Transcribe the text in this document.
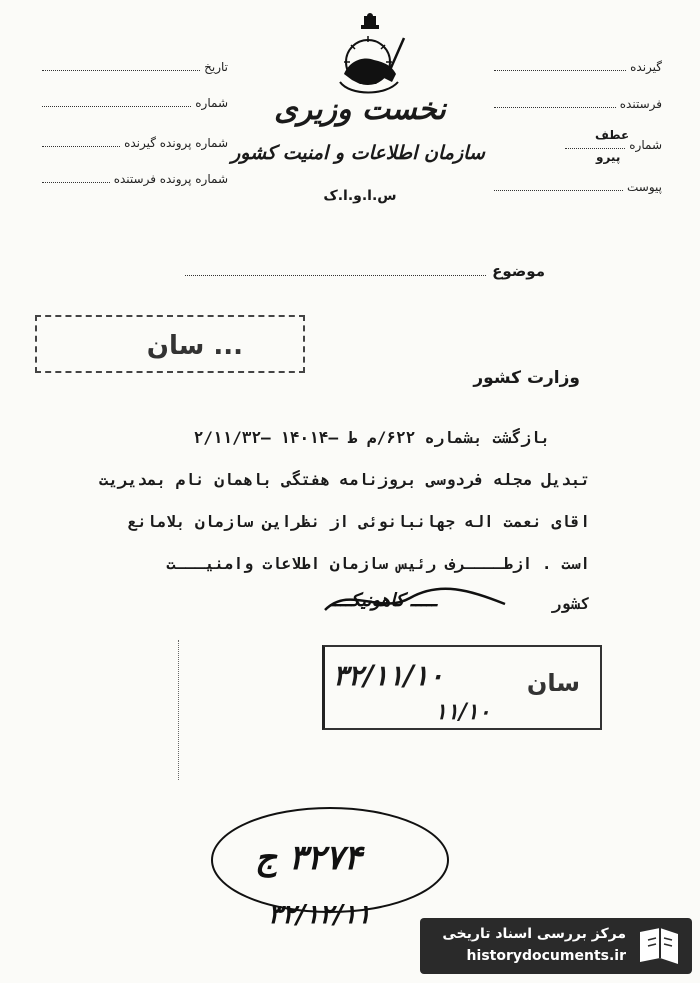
تاریخ
شماره
شماره پرونده گیرنده
شماره پرونده فرستنده
گیرنده
فرستنده
شماره
عطف
پیرو
پیوست
نخست وزیری
سازمان اطلاعات و امنیت کشور
س.ا.و.ا.ک
موضوع
... سان
وزارت کشور
بازگشت بشماره ۶۲۲/م ط –۱۴۰۱۴ –۲/۱۱/۳۲
تبدیل مجله فردوسی بروزنامه هفتگی باهمان نام بمدیریت
اقای نعمت اله جهانبانوئی از نظراین سازمان بلامانع
است . ازطــــرف رئیس سازمان اطلاعات وامنیـــت
کشور
ـــــ کاهونیکــــ
۳۲/۱۱/۱۰	سان
۱۱/۱۰
۳۲۷۴ ج
۳۲/۱۲/۱۱
مرکز بررسی اسناد تاریخی
historydocuments.ir
